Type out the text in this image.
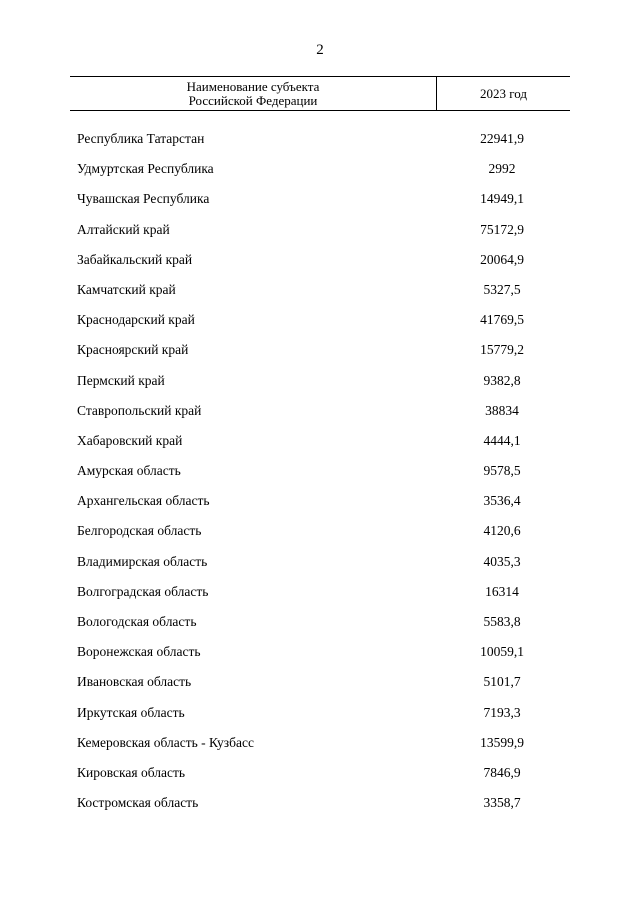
2
Наименование субъекта
Российской Федерации	2023 год
Республика Татарстан	22941,9
Удмуртская Республика	2992
Чувашская Республика	14949,1
Алтайский край	75172,9
Забайкальский край	20064,9
Камчатский край	5327,5
Краснодарский край	41769,5
Красноярский край	15779,2
Пермский край	9382,8
Ставропольский край	38834
Хабаровский край	4444,1
Амурская область	9578,5
Архангельская область	3536,4
Белгородская область	4120,6
Владимирская область	4035,3
Волгоградская область	16314
Вологодская область	5583,8
Воронежская область	10059,1
Ивановская область	5101,7
Иркутская область	7193,3
Кемеровская область - Кузбасс	13599,9
Кировская область	7846,9
Костромская область	3358,7
